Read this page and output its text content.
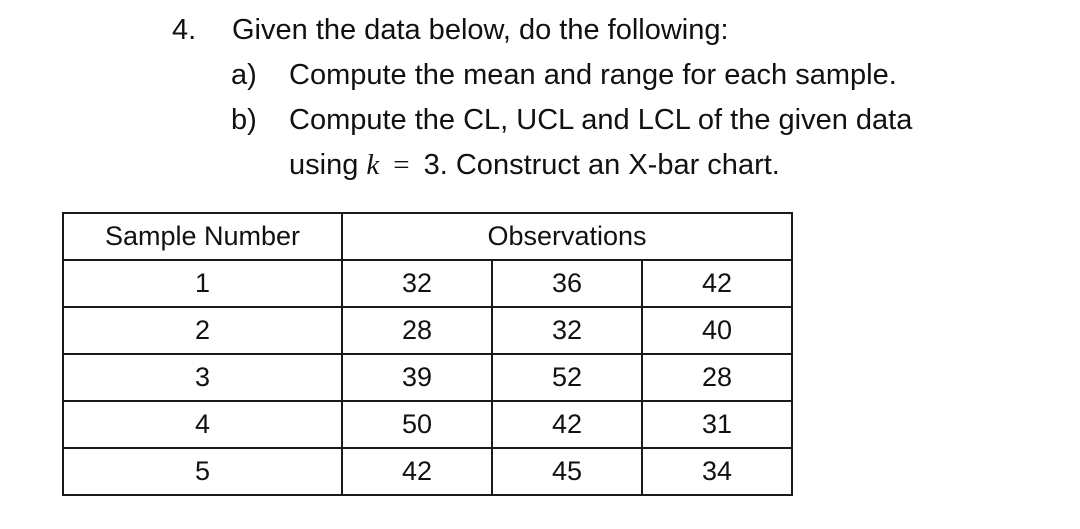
4. Given the data below, do the following:
a) Compute the mean and range for each sample.
b) Compute the CL, UCL and LCL of the given data
using k = 3. Construct an X-bar chart.
Sample Number	Observations		
1	32	36	42
2	28	32	40
3	39	52	28
4	50	42	31
5	42	45	34
